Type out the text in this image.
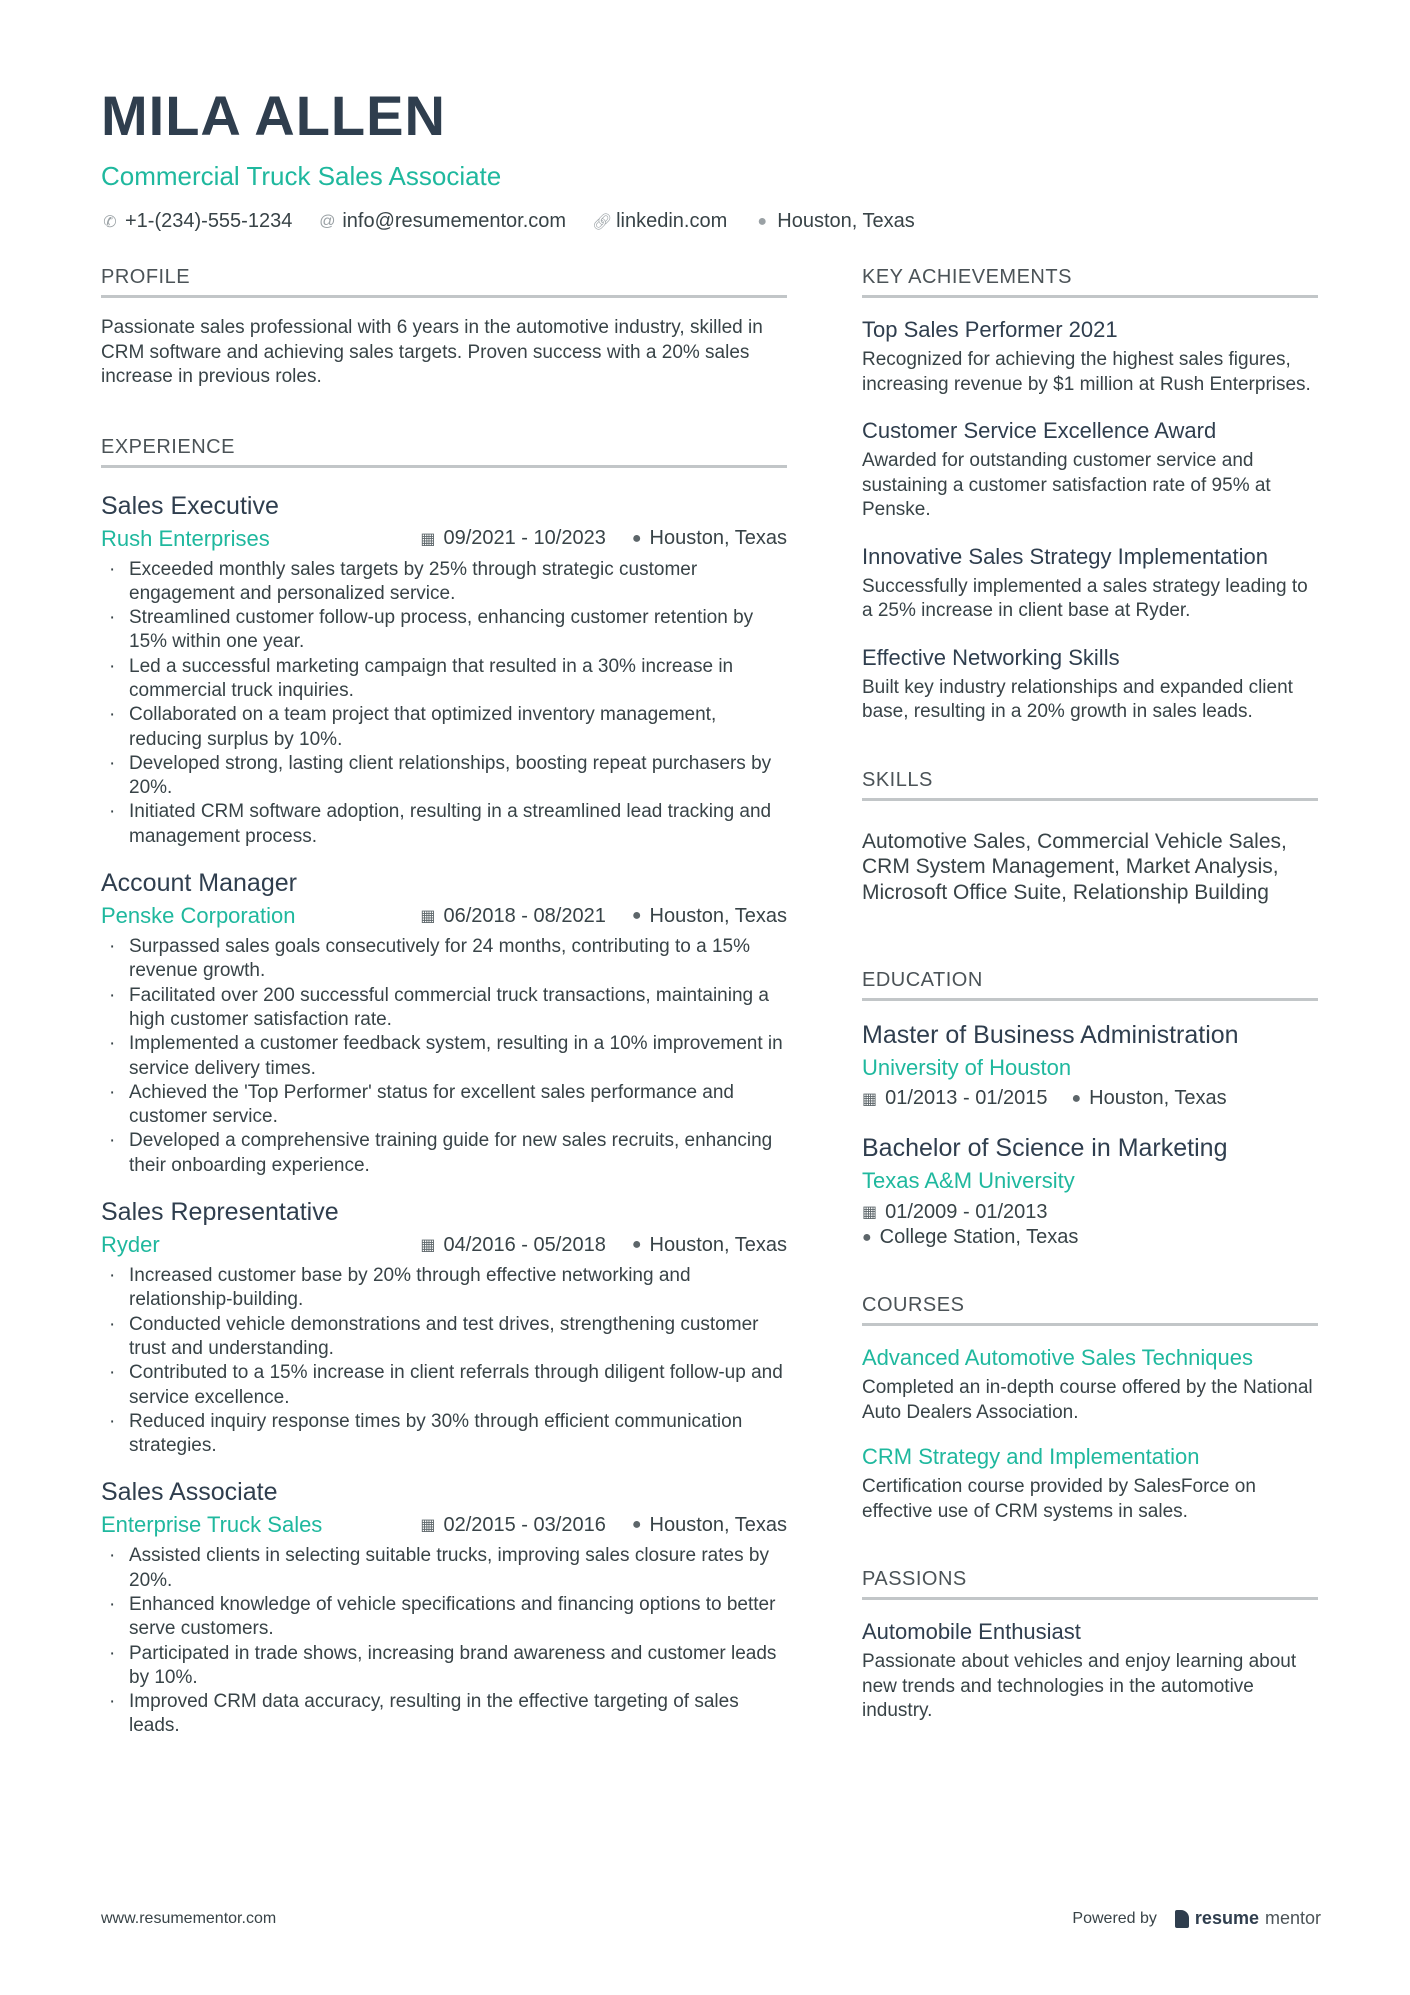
MILA ALLEN
Commercial Truck Sales Associate
✆ +1-(234)-555-1234 @ info@resumementor.com 🔗︎ linkedin.com ● Houston, Texas
PROFILE
Passionate sales professional with 6 years in the automotive industry, skilled in CRM software and achieving sales targets. Proven success with a 20% sales increase in previous roles.
EXPERIENCE
Sales Executive
Rush Enterprises	▦ 09/2021 - 10/2023 ● Houston, Texas
· Exceeded monthly sales targets by 25% through strategic customer engagement and personalized service.
· Streamlined customer follow-up process, enhancing customer retention by 15% within one year.
· Led a successful marketing campaign that resulted in a 30% increase in commercial truck inquiries.
· Collaborated on a team project that optimized inventory management, reducing surplus by 10%.
· Developed strong, lasting client relationships, boosting repeat purchasers by 20%.
· Initiated CRM software adoption, resulting in a streamlined lead tracking and management process.
Account Manager
Penske Corporation	▦ 06/2018 - 08/2021 ● Houston, Texas
· Surpassed sales goals consecutively for 24 months, contributing to a 15% revenue growth.
· Facilitated over 200 successful commercial truck transactions, maintaining a high customer satisfaction rate.
· Implemented a customer feedback system, resulting in a 10% improvement in service delivery times.
· Achieved the 'Top Performer' status for excellent sales performance and customer service.
· Developed a comprehensive training guide for new sales recruits, enhancing their onboarding experience.
Sales Representative
Ryder	▦ 04/2016 - 05/2018 ● Houston, Texas
· Increased customer base by 20% through effective networking and relationship-building.
· Conducted vehicle demonstrations and test drives, strengthening customer trust and understanding.
· Contributed to a 15% increase in client referrals through diligent follow-up and service excellence.
· Reduced inquiry response times by 30% through efficient communication strategies.
Sales Associate
Enterprise Truck Sales	▦ 02/2015 - 03/2016 ● Houston, Texas
· Assisted clients in selecting suitable trucks, improving sales closure rates by 20%.
· Enhanced knowledge of vehicle specifications and financing options to better serve customers.
· Participated in trade shows, increasing brand awareness and customer leads by 10%.
· Improved CRM data accuracy, resulting in the effective targeting of sales leads.
KEY ACHIEVEMENTS
Top Sales Performer 2021
Recognized for achieving the highest sales figures, increasing revenue by $1 million at Rush Enterprises.
Customer Service Excellence Award
Awarded for outstanding customer service and sustaining a customer satisfaction rate of 95% at Penske.
Innovative Sales Strategy Implementation
Successfully implemented a sales strategy leading to a 25% increase in client base at Ryder.
Effective Networking Skills
Built key industry relationships and expanded client base, resulting in a 20% growth in sales leads.
SKILLS
Automotive Sales, Commercial Vehicle Sales, CRM System Management, Market Analysis, Microsoft Office Suite, Relationship Building
EDUCATION
Master of Business Administration
University of Houston
▦ 01/2013 - 01/2015 ● Houston, Texas
Bachelor of Science in Marketing
Texas A&M University
▦ 01/2009 - 01/2013
● College Station, Texas
COURSES
Advanced Automotive Sales Techniques
Completed an in-depth course offered by the National Auto Dealers Association.
CRM Strategy and Implementation
Certification course provided by SalesForce on effective use of CRM systems in sales.
PASSIONS
Automobile Enthusiast
Passionate about vehicles and enjoy learning about new trends and technologies in the automotive industry.
www.resumementor.com	Powered by resume mentor
